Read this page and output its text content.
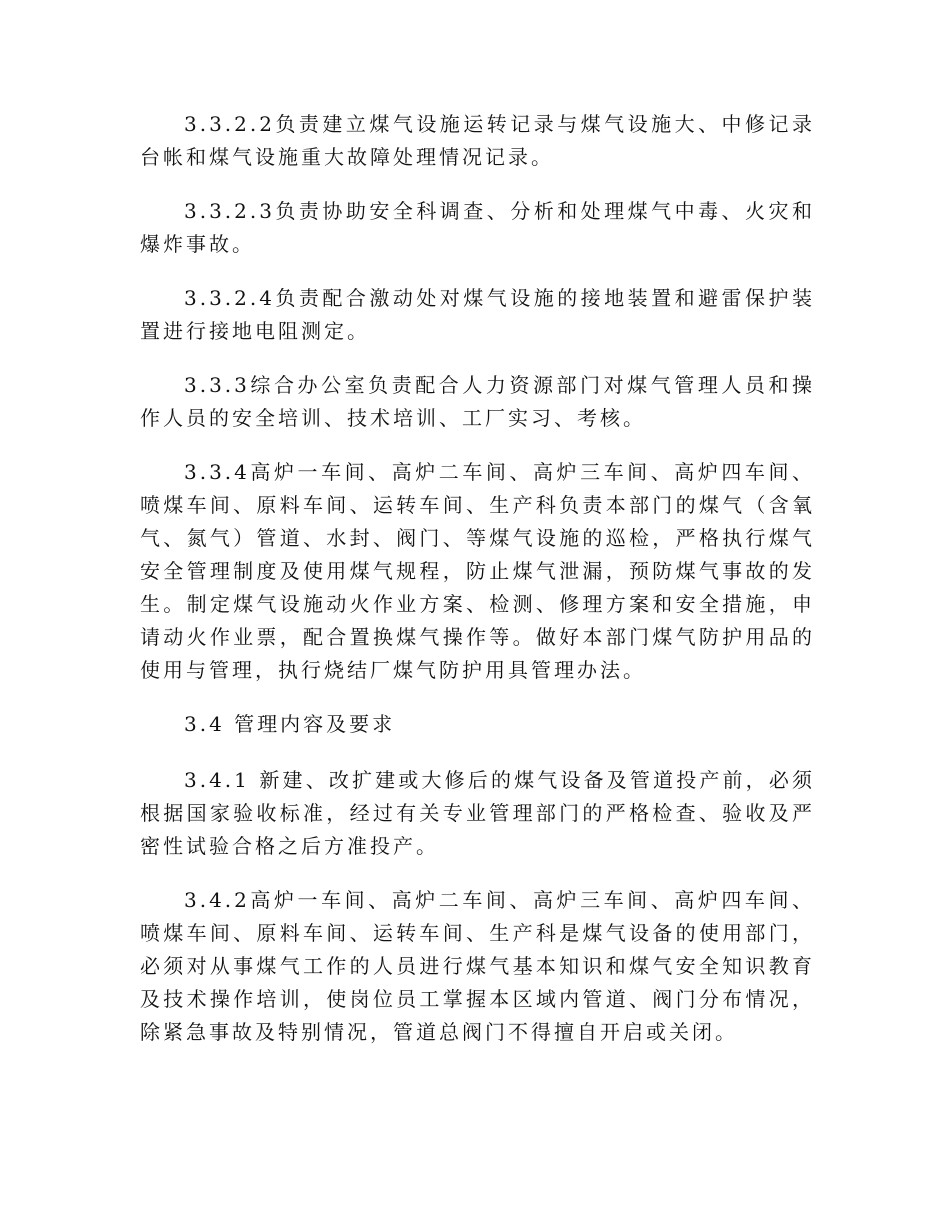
3.3.2.2负责建立煤气设施运转记录与煤气设施大、中修记录台帐和煤气设施重大故障处理情况记录。

3.3.2.3负责协助安全科调查、分析和处理煤气中毒、火灾和爆炸事故。

3.3.2.4负责配合激动处对煤气设施的接地装置和避雷保护装置进行接地电阻测定。

3.3.3综合办公室负责配合人力资源部门对煤气管理人员和操作人员的安全培训、技术培训、工厂实习、考核。

3.3.4高炉一车间、高炉二车间、高炉三车间、高炉四车间、喷煤车间、原料车间、运转车间、生产科负责本部门的煤气（含氧气、氮气）管道、水封、阀门、等煤气设施的巡检，严格执行煤气安全管理制度及使用煤气规程，防止煤气泄漏，预防煤气事故的发生。制定煤气设施动火作业方案、检测、修理方案和安全措施，申请动火作业票，配合置换煤气操作等。做好本部门煤气防护用品的使用与管理，执行烧结厂煤气防护用具管理办法。

3.4 管理内容及要求

3.4.1 新建、改扩建或大修后的煤气设备及管道投产前，必须根据国家验收标准，经过有关专业管理部门的严格检查、验收及严密性试验合格之后方准投产。

3.4.2高炉一车间、高炉二车间、高炉三车间、高炉四车间、喷煤车间、原料车间、运转车间、生产科是煤气设备的使用部门，必须对从事煤气工作的人员进行煤气基本知识和煤气安全知识教育及技术操作培训，使岗位员工掌握本区域内管道、阀门分布情况，除紧急事故及特别情况，管道总阀门不得擅自开启或关闭。
